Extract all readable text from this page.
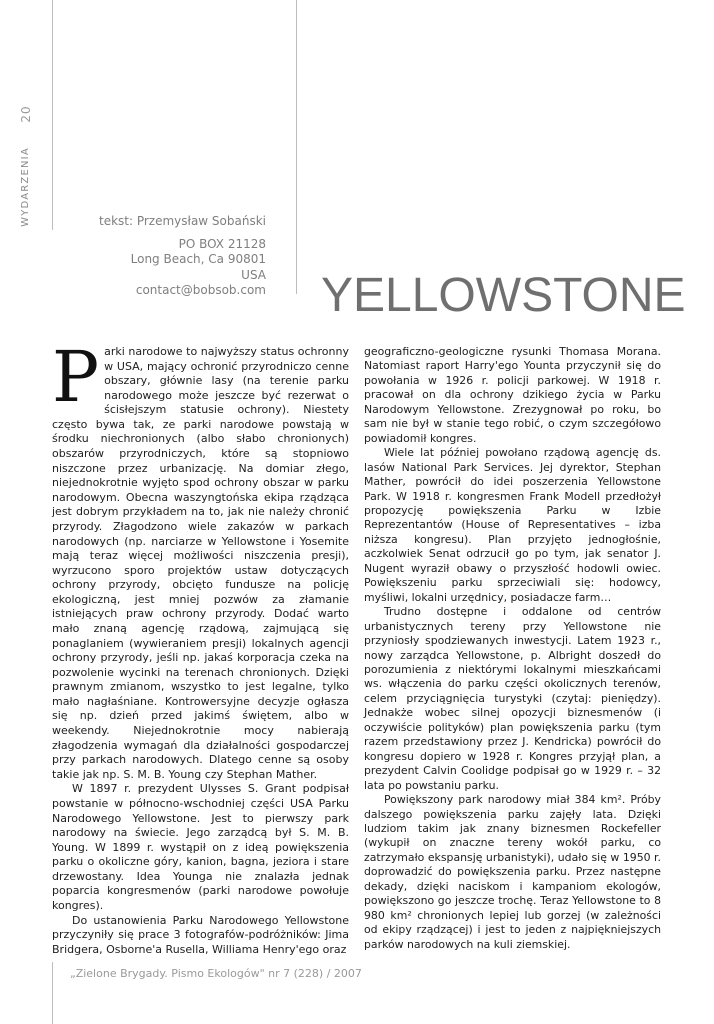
20
WYDARZENIA	tekst: Przemysław Sobański
PO BOX 21128
Long Beach, Ca 90801
USA
contact@bobsob.com YELLOWSTONE

Parki narodowe to najwyższy status ochronny w USA, mający ochronić przyrodniczo cenne obszary, głównie lasy (na terenie parku narodowego może jeszcze być rezerwat o ścisłejszym statusie ochrony). Niestety często bywa tak, ze parki narodowe powstają w środku niechronionych (albo słabo chronionych) obszarów przyrodniczych, które są stopniowo niszczone przez urbanizację. Na domiar złego, niejednokrotnie wyjęto spod ochrony obszar w parku narodowym. Obecna waszyngtońska ekipa rządząca jest dobrym przykładem na to, jak nie należy chronić przyrody. Złagodzono wiele zakazów w parkach narodowych (np. narciarze w Yellowstone i Yosemite mają teraz więcej możliwości niszczenia presji), wyrzucono sporo projektów ustaw dotyczących ochrony przyrody, obcięto fundusze na policję ekologiczną, jest mniej pozwów za złamanie istniejących praw ochrony przyrody. Dodać warto mało znaną agencję rządową, zajmującą się ponaglaniem (wywieraniem presji) lokalnych agencji ochrony przyrody, jeśli np. jakaś korporacja czeka na pozwolenie wycinki na terenach chronionych. Dzięki prawnym zmianom, wszystko to jest legalne, tylko mało nagłaśniane. Kontrowersyjne decyzje ogłasza się np. dzień przed jakimś świętem, albo w weekendy. Niejednokrotnie mocy nabierają złagodzenia wymagań dla działalności gospodarczej przy parkach narodowych. Dlatego cenne są osoby takie jak np. S. M. B. Young czy Stephan Mather.

W 1897 r. prezydent Ulysses S. Grant podpisał powstanie w północno-wschodniej części USA Parku Narodowego Yellowstone. Jest to pierwszy park narodowy na świecie. Jego zarządcą był S. M. B. Young. W 1899 r. wystąpił on z ideą powiększenia parku o okoliczne góry, kanion, bagna, jeziora i stare drzewostany. Idea Younga nie znalazła jednak poparcia kongresmenów (parki narodowe powołuje kongres).

Do ustanowienia Parku Narodowego Yellowstone przyczyniły się prace 3 fotografów-podróżników: Jima Bridgera, Osborne'a Rusella, Williama Henry'ego oraz

geograficzno-geologiczne rysunki Thomasa Morana. Natomiast raport Harry'ego Younta przyczynił się do powołania w 1926 r. policji parkowej. W 1918 r. pracował on dla ochrony dzikiego życia w Parku Narodowym Yellowstone. Zrezygnował po roku, bo sam nie był w stanie tego robić, o czym szczegółowo powiadomił kongres.

Wiele lat później powołano rządową agencję ds. lasów National Park Services. Jej dyrektor, Stephan Mather, powrócił do idei poszerzenia Yellowstone Park. W 1918 r. kongresmen Frank Modell przedłożył propozycję powiększenia Parku w Izbie Reprezentantów (House of Representatives – izba niższa kongresu). Plan przyjęto jednogłośnie, aczkolwiek Senat odrzucił go po tym, jak senator J. Nugent wyraził obawy o przyszłość hodowli owiec. Powiększeniu parku sprzeciwiali się: hodowcy, myśliwi, lokalni urzędnicy, posiadacze farm…

Trudno dostępne i oddalone od centrów urbanistycznych tereny przy Yellowstone nie przyniosły spodziewanych inwestycji. Latem 1923 r., nowy zarządca Yellowstone, p. Albright doszedł do porozumienia z niektórymi lokalnymi mieszkańcami ws. włączenia do parku części okolicznych terenów, celem przyciągnięcia turystyki (czytaj: pieniędzy). Jednakże wobec silnej opozycji biznesmenów (i oczywiście polityków) plan powiększenia parku (tym razem przedstawiony przez J. Kendricka) powrócił do kongresu dopiero w 1928 r. Kongres przyjął plan, a prezydent Calvin Coolidge podpisał go w 1929 r. – 32 lata po powstaniu parku.

Powiększony park narodowy miał 384 km². Próby dalszego powiększenia parku zajęły lata. Dzięki ludziom takim jak znany biznesmen Rockefeller (wykupił on znaczne tereny wokół parku, co zatrzymało ekspansję urbanistyki), udało się w 1950 r. doprowadzić do powiększenia parku. Przez następne dekady, dzięki naciskom i kampaniom ekologów, powiększono go jeszcze trochę. Teraz Yellowstone to 8 980 km² chronionych lepiej lub gorzej (w zależności od ekipy rządzącej) i jest to jeden z najpiękniejszych parków narodowych na kuli ziemskiej.

„Zielone Brygady. Pismo Ekologów" nr 7 (228) / 2007
